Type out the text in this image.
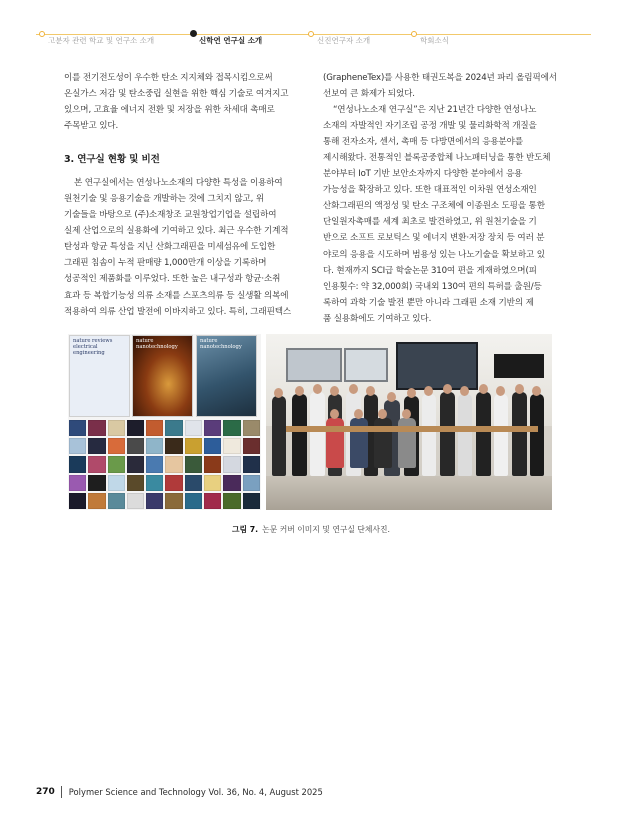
고분자 관련 학교 및 연구소 소개	신학연 연구실 소개	신진연구자 소개	학회소식

이를 전기전도성이 우수한 탄소 지지체와 접목시킴으로써
온실가스 저감 및 탄소중립 실현을 위한 핵심 기술로 여겨지고
있으며, 고효율 에너지 전환 및 저장을 위한 차세대 촉매로
주목받고 있다.

3. 연구실 현황 및 비전

본 연구실에서는 연성나노소재의 다양한 특성을 이용하여
원천기술 및 응용기술을 개발하는 것에 그치지 않고, 위
기술들을 바탕으로 (주)소재창조 교원창업기업을 설립하여
실제 산업으로의 실용화에 기여하고 있다. 최근 우수한 기계적
탄성과 항균 특성을 지닌 산화그래핀을 미세섬유에 도입한
그래핀 침솜이 누적 판매량 1,000만개 이상을 기록하며
성공적인 제품화를 이루었다. 또한 높은 내구성과 항균·소취
효과 등 복합기능성 의류 소재를 스포츠의류 등 실생활 의복에
적용하여 의류 산업 발전에 이바지하고 있다. 특히, 그래핀텍스

(GrapheneTex)를 사용한 태권도복을 2024년 파리 올림픽에서
선보여 큰 화제가 되었다.

“연성나노소재 연구실”은 지난 21년간 다양한 연성나노
소재의 자발적인 자기조립 공정 개발 및 물리화학적 개질을
통해 전자소자, 센서, 촉매 등 다방면에서의 응용분야를
제시해왔다. 전통적인 블록공중합체 나노패터닝을 통한 반도체
분야부터 IoT 기반 보안소자까지 다양한 분야에서 응용
가능성을 확장하고 있다. 또한 대표적인 이차원 연성소재인
산화그래핀의 액정성 및 탄소 구조체에 이종원소 도핑을 통한
단일원자촉매를 세계 최초로 발견하였고, 위 원천기술을 기
반으로 소프트 로보틱스 및 에너지 변환·저장 장치 등 여러 분
야로의 응용을 시도하며 범용성 있는 나노기술을 확보하고 있
다. 현재까지 SCI급 학술논문 310여 편을 게재하였으며(피
인용횟수: 약 32,000회) 국내외 130여 편의 특허를 출원/등
록하여 과학 기술 발전 뿐만 아니라 그래핀 소재 기반의 제
품 실용화에도 기여하고 있다.

nature reviews
electrical engineering
nature
nanotechnology
nature
nanotechnology
그림 7. 논문 커버 이미지 및 연구실 단체사진.
270 Polymer Science and Technology
Vol. 36, No. 4, August 2025
